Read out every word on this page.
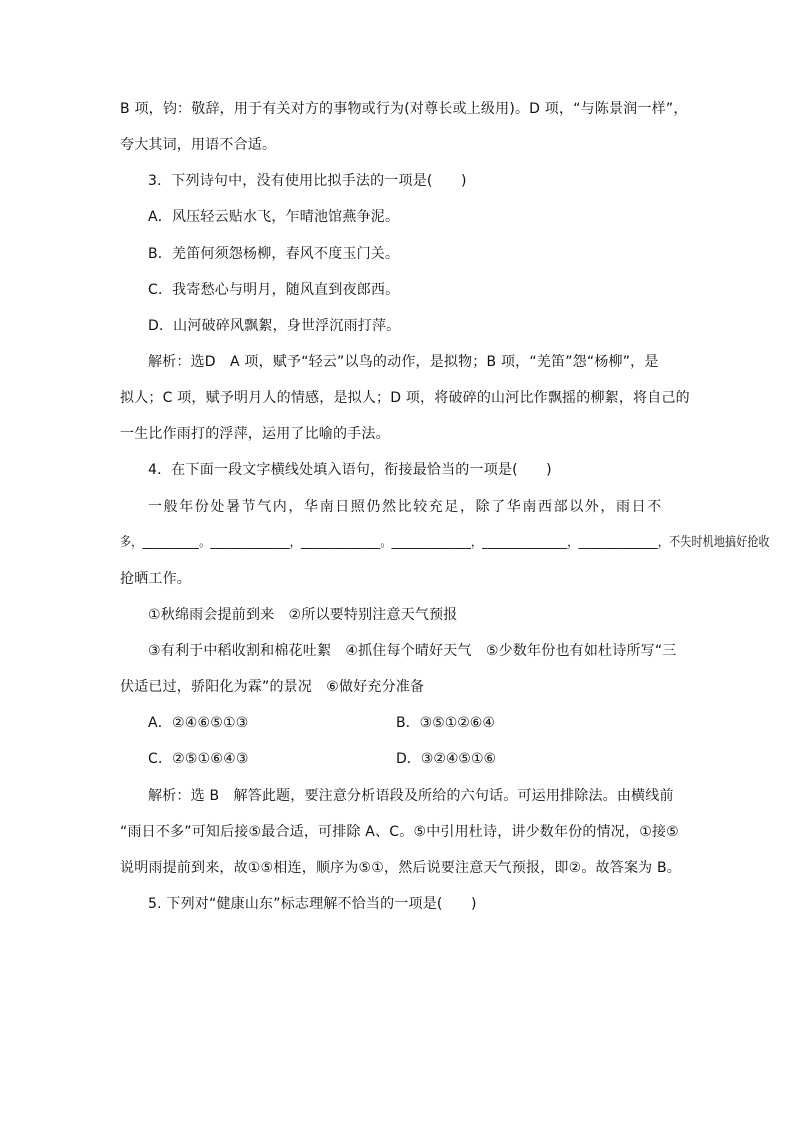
B 项，钧：敬辞，用于有关对方的事物或行为(对尊长或上级用)。D 项，“与陈景润一样”，
夸大其词，用语不合适。
3．下列诗句中，没有使用比拟手法的一项是(　　)
A．风压轻云贴水飞，乍晴池馆燕争泥。
B．羌笛何须怨杨柳，春风不度玉门关。
C．我寄愁心与明月，随风直到夜郎西。
D．山河破碎风飘絮，身世浮沉雨打萍。
解析：选D　A 项，赋予“轻云”以鸟的动作，是拟物；B 项，“羌笛”怨“杨柳”，是
拟人；C 项，赋予明月人的情感，是拟人；D 项，将破碎的山河比作飘摇的柳絮，将自己的
一生比作雨打的浮萍，运用了比喻的手法。
4．在下面一段文字横线处填入语句，衔接最恰当的一项是(　　)
一般年份处暑节气内，华南日照仍然比较充足，除了华南西部以外，雨日不
多，__________。______________，______________。______________，_______________，______________，不失时机地搞好抢收
抢晒工作。
①秋绵雨会提前到来　②所以要特别注意天气预报
③有利于中稻收割和棉花吐絮　④抓住每个晴好天气　⑤少数年份也有如杜诗所写“三
伏适已过，骄阳化为霖”的景况　⑥做好充分准备
A．②④⑥⑤①③	B．③⑤①②⑥④
C．②⑤①⑥④③	D．③②④⑤①⑥
解析：选 B　解答此题，要注意分析语段及所给的六句话。可运用排除法。由横线前
“雨日不多”可知后接⑤最合适，可排除 A、C。⑤中引用杜诗，讲少数年份的情况，①接⑤
说明雨提前到来，故①⑤相连，顺序为⑤①，然后说要注意天气预报，即②。故答案为 B。
5. 下列对“健康山东”标志理解不恰当的一项是(　　)
